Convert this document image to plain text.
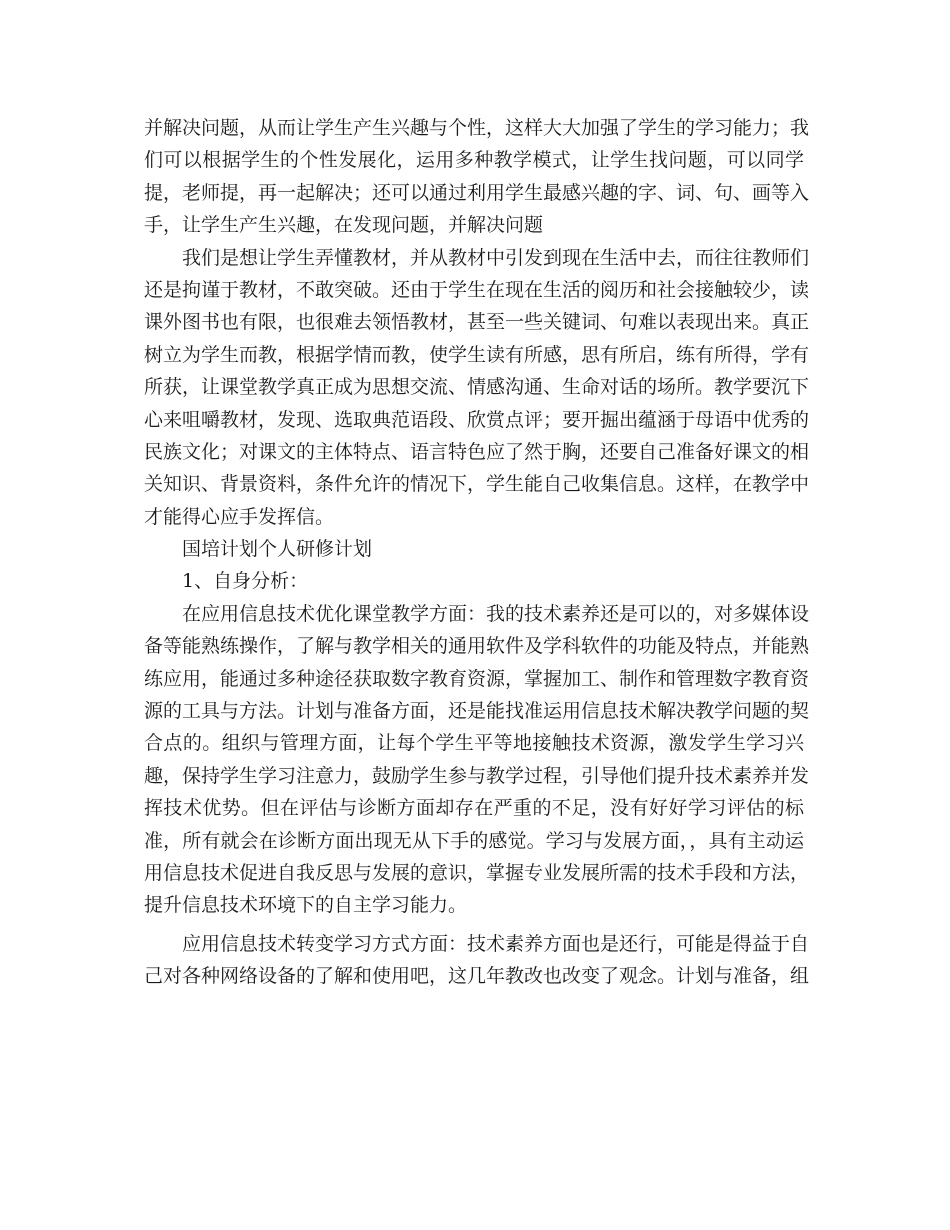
并解决问题，从而让学生产生兴趣与个性，这样大大加强了学生的学习能力；我
们可以根据学生的个性发展化，运用多种教学模式，让学生找问题，可以同学
提，老师提，再一起解决；还可以通过利用学生最感兴趣的字、词、句、画等入
手，让学生产生兴趣，在发现问题，并解决问题
我们是想让学生弄懂教材，并从教材中引发到现在生活中去，而往往教师们
还是拘谨于教材，不敢突破。还由于学生在现在生活的阅历和社会接触较少，读
课外图书也有限，也很难去领悟教材，甚至一些关键词、句难以表现出来。真正
树立为学生而教，根据学情而教，使学生读有所感，思有所启，练有所得，学有
所获，让课堂教学真正成为思想交流、情感沟通、生命对话的场所。教学要沉下
心来咀嚼教材，发现、选取典范语段、欣赏点评；要开掘出蕴涵于母语中优秀的
民族文化；对课文的主体特点、语言特色应了然于胸，还要自己准备好课文的相
关知识、背景资料，条件允许的情况下，学生能自己收集信息。这样，在教学中
才能得心应手发挥信。
国培计划个人研修计划
1、自身分析：
在应用信息技术优化课堂教学方面：我的技术素养还是可以的，对多媒体设
备等能熟练操作，了解与教学相关的通用软件及学科软件的功能及特点，并能熟
练应用，能通过多种途径获取数字教育资源，掌握加工、制作和管理数字教育资
源的工具与方法。计划与准备方面，还是能找准运用信息技术解决教学问题的契
合点的。组织与管理方面，让每个学生平等地接触技术资源，激发学生学习兴
趣，保持学生学习注意力，鼓励学生参与教学过程，引导他们提升技术素养并发
挥技术优势。但在评估与诊断方面却存在严重的不足，没有好好学习评估的标
准，所有就会在诊断方面出现无从下手的感觉。学习与发展方面，，具有主动运
用信息技术促进自我反思与发展的意识，掌握专业发展所需的技术手段和方法，
提升信息技术环境下的自主学习能力。
应用信息技术转变学习方式方面：技术素养方面也是还行，可能是得益于自
己对各种网络设备的了解和使用吧，这几年教改也改变了观念。计划与准备，组
